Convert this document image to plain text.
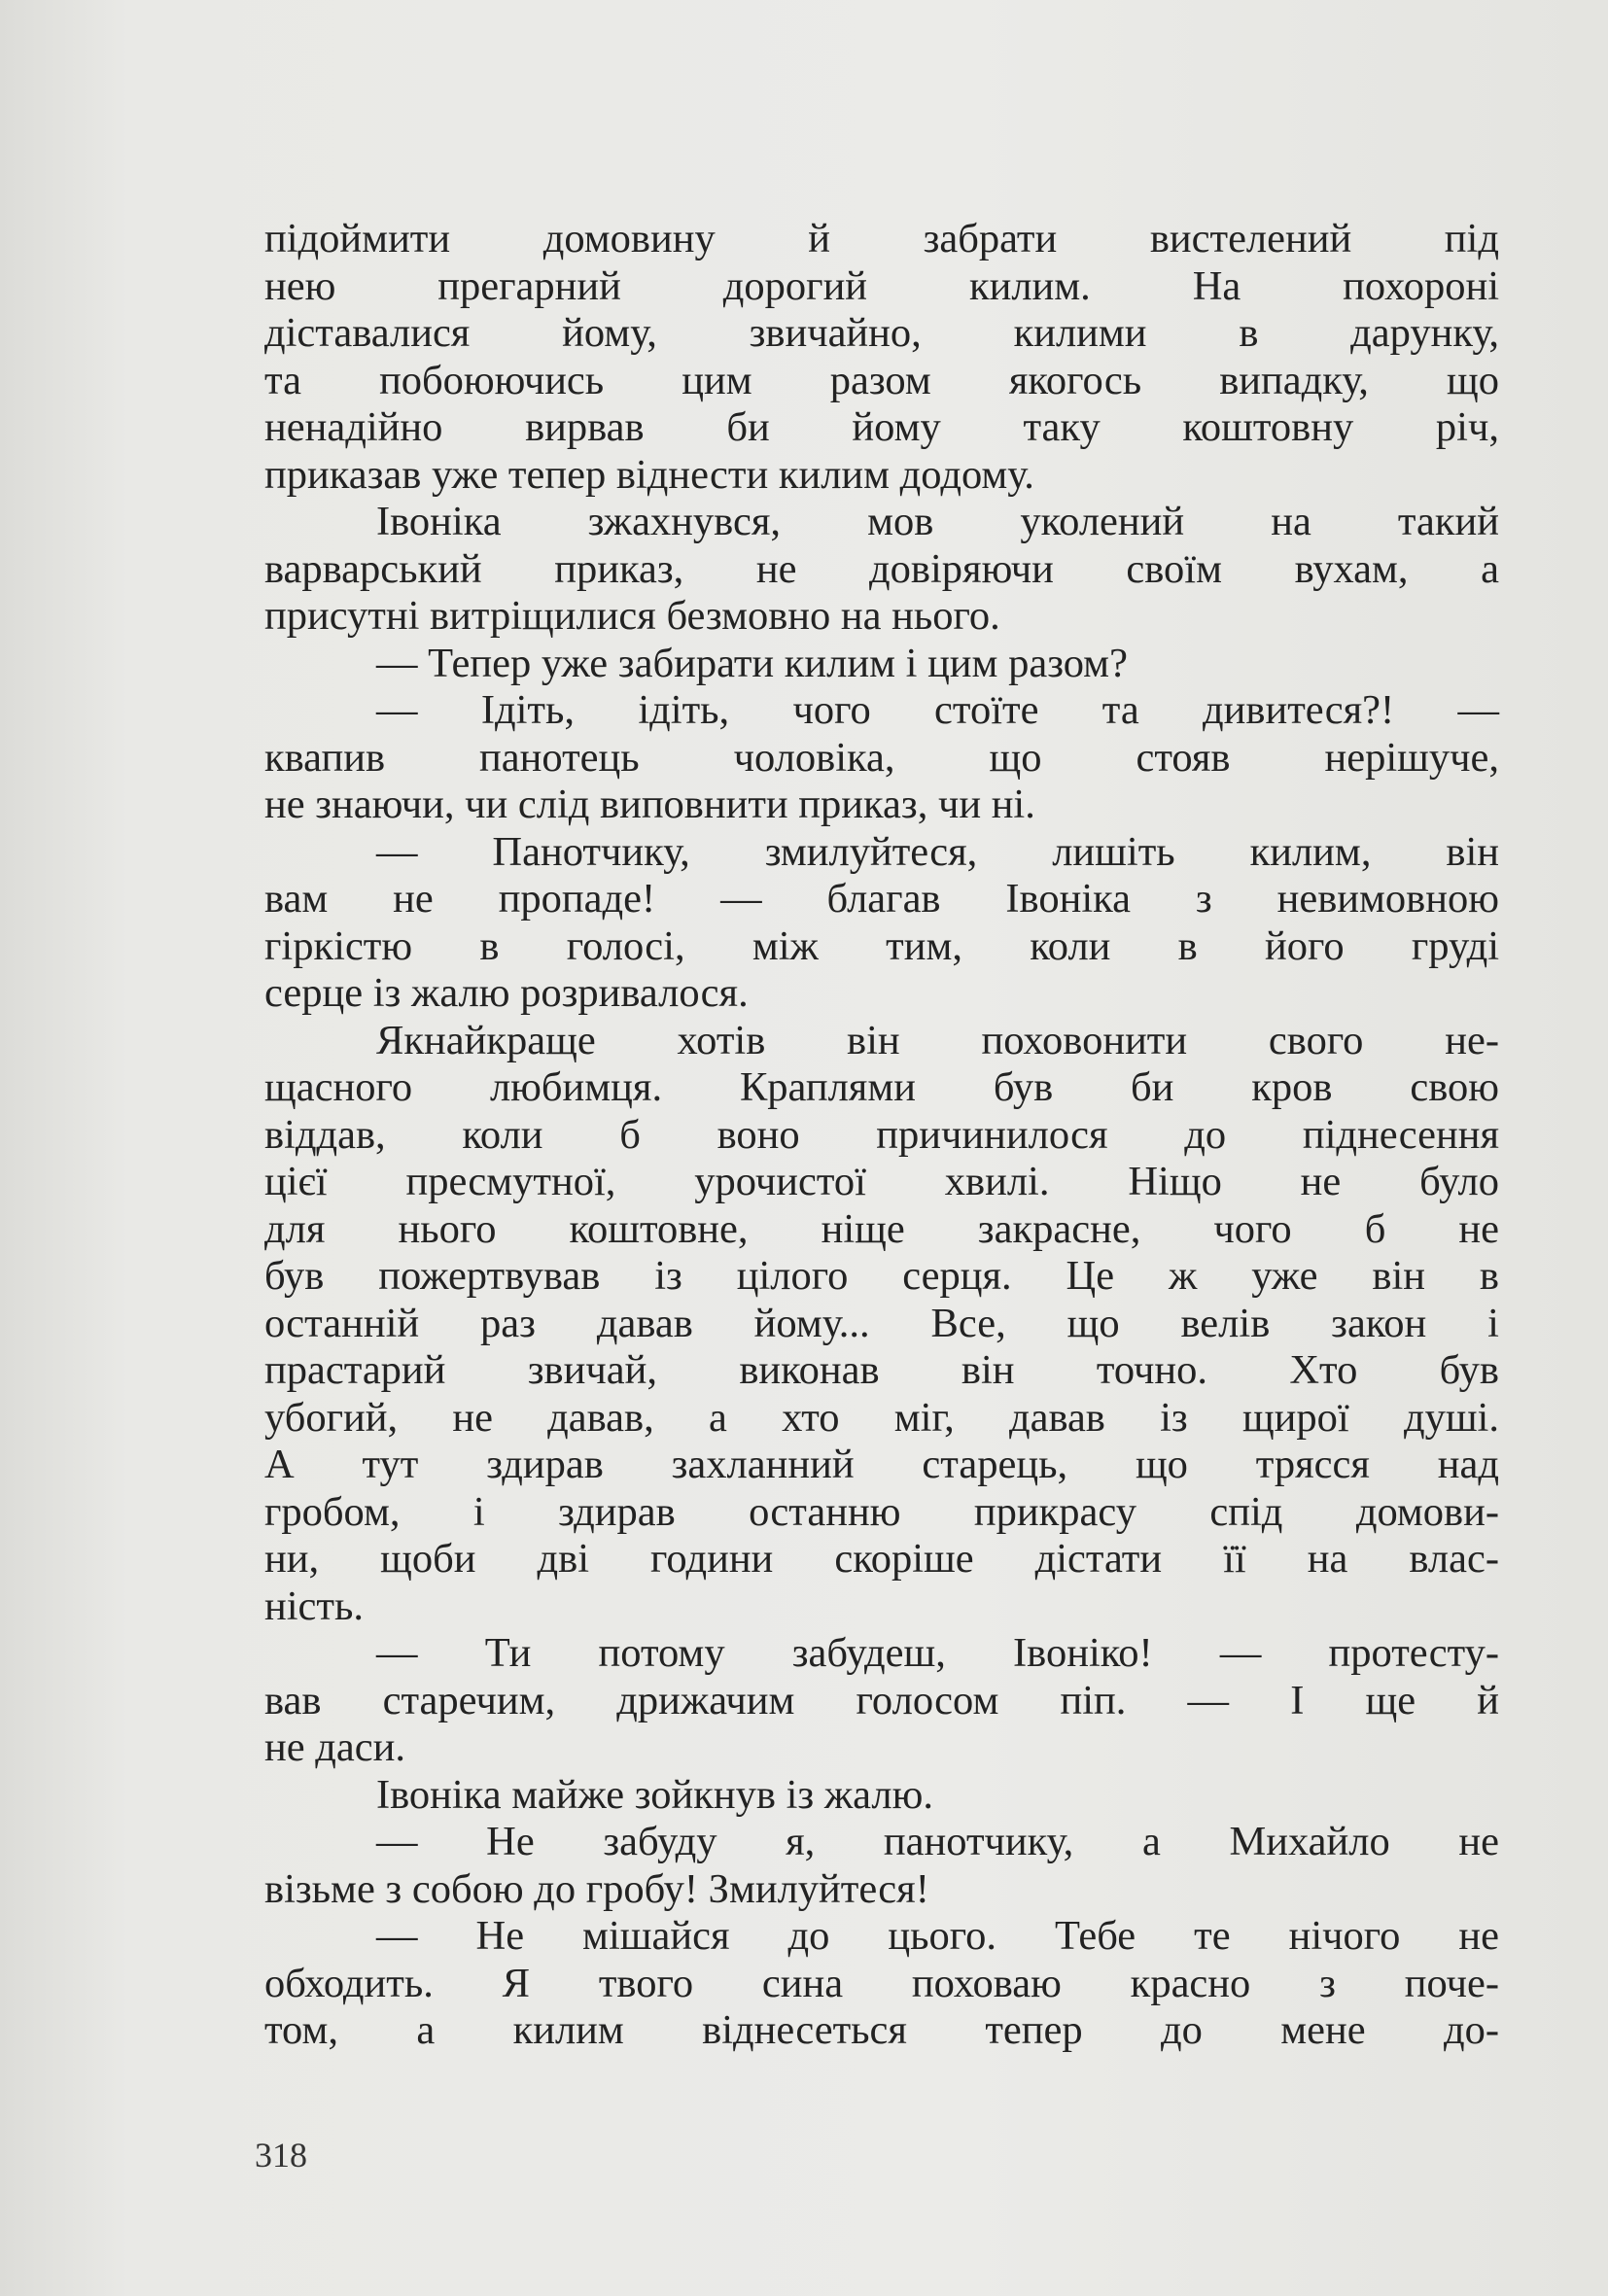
підоймити домовину й забрати вистелений під
нею прегарний дорогий килим. На похороні
діставалися йому, звичайно, килими в дарунку,
та побоюючись цим разом якогось випадку, що
ненадійно вирвав би йому таку коштовну річ,
приказав уже тепер віднести килим додому.
Івоніка зжахнувся, мов уколений на такий
варварський приказ, не довіряючи своїм вухам, а
присутні витріщилися безмовно на нього.
— Тепер уже забирати килим і цим разом?
— Ідіть, ідіть, чого стоїте та дивитеся?! —
квапив панотець чоловіка, що стояв нерішуче,
не знаючи, чи слід виповнити приказ, чи ні.
— Панотчику, змилуйтеся, лишіть килим, він
вам не пропаде! — благав Івоніка з невимовною
гіркістю в голосі, між тим, коли в його груді
серце із жалю розривалося.
Якнайкраще хотів він поховонити свого не-
щасного любимця. Краплями був би кров свою
віддав, коли б воно причинилося до піднесення
цієї пресмутної, урочистої хвилі. Ніщо не було
для нього коштовне, ніще закрасне, чого б не
був пожертвував із цілого серця. Це ж уже він в
останній раз давав йому... Все, що велів закон і
прастарий звичай, виконав він точно. Хто був
убогий, не давав, а хто міг, давав із щирої душі.
А тут здирав захланний старець, що трясся над
гробом, і здирав останню прикрасу спід домови-
ни, щоби дві години скоріше дістати її на влас-
ність.
— Ти потому забудеш, Івоніко! — протесту-
вав старечим, дрижачим голосом піп. — І ще й
не даси.
Івоніка майже зойкнув із жалю.
— Не забуду я, панотчику, а Михайло не
візьме з собою до гробу! Змилуйтеся!
— Не мішайся до цього. Тебе те нічого не
обходить. Я твого сина поховаю красно з поче-
том, а килим віднесеться тепер до мене до-
318
